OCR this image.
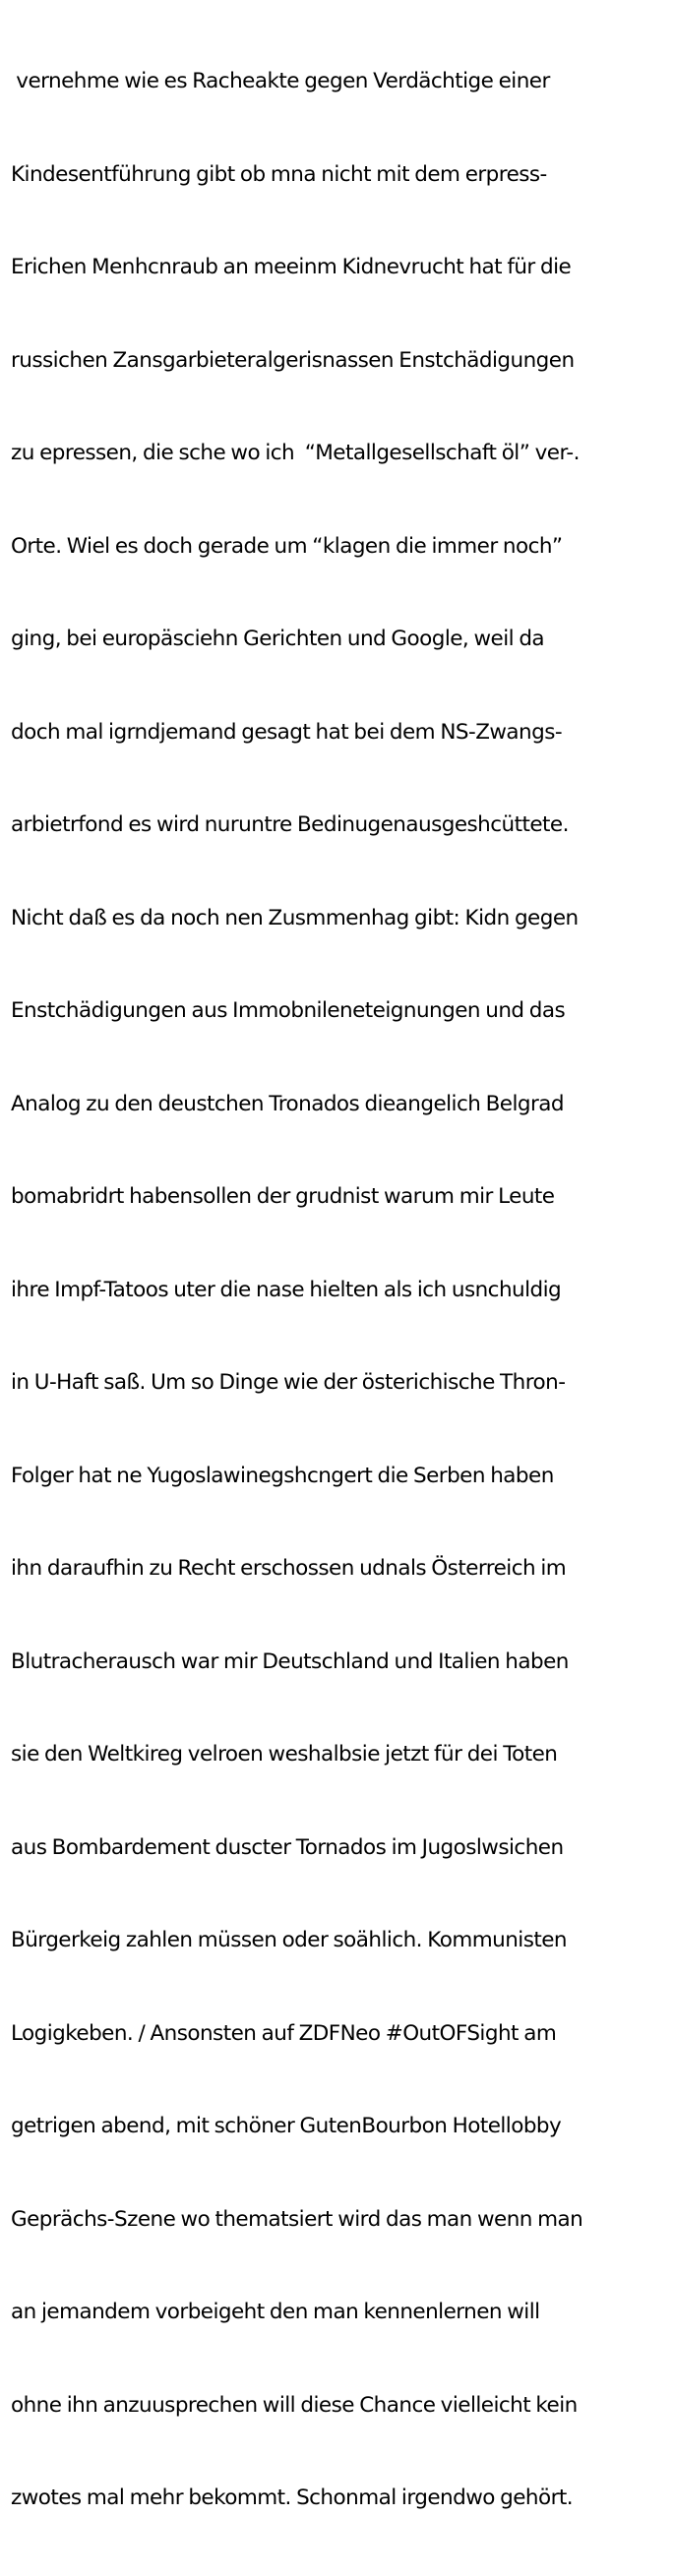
vernehme wie es Racheakte gegen Verdächtige einer

Kindesentführung gibt ob mna nicht mit dem erpress-

Erichen Menhcnraub an meeinm Kidnevrucht hat für die

russichen Zansgarbieteralgerisnassen Enstchädigungen

zu epressen, die sche wo ich  “Metallgesellschaft öl” ver-.

Orte. Wiel es doch gerade um “klagen die immer noch”

ging, bei europäsciehn Gerichten und Google, weil da

doch mal igrndjemand gesagt hat bei dem NS-Zwangs-

arbietrfond es wird nuruntre Bedinugenausgeshcüttete.

Nicht daß es da noch nen Zusmmenhag gibt: Kidn gegen

Enstchädigungen aus Immobnileneteignungen und das

Analog zu den deustchen Tronados dieangelich Belgrad

bomabridrt habensollen der grudnist warum mir Leute

ihre Impf-Tatoos uter die nase hielten als ich usnchuldig

in U-Haft saß. Um so Dinge wie der österichische Thron-

Folger hat ne Yugoslawinegshcngert die Serben haben

ihn daraufhin zu Recht erschossen udnals Österreich im

Blutracherausch war mir Deutschland und Italien haben

sie den Weltkireg velroen weshalbsie jetzt für dei Toten

aus Bombardement duscter Tornados im Jugoslwsichen

Bürgerkeig zahlen müssen oder soählich. Kommunisten

Logigkeben. / Ansonsten auf ZDFNeo #OutOFSight am

getrigen abend, mit schöner GutenBourbon Hotellobby

Geprächs-Szene wo thematsiert wird das man wenn man

an jemandem vorbeigeht den man kennenlernen will

ohne ihn anzuusprechen will diese Chance vielleicht kein

zwotes mal mehr bekommt. Schonmal irgendwo gehört.
